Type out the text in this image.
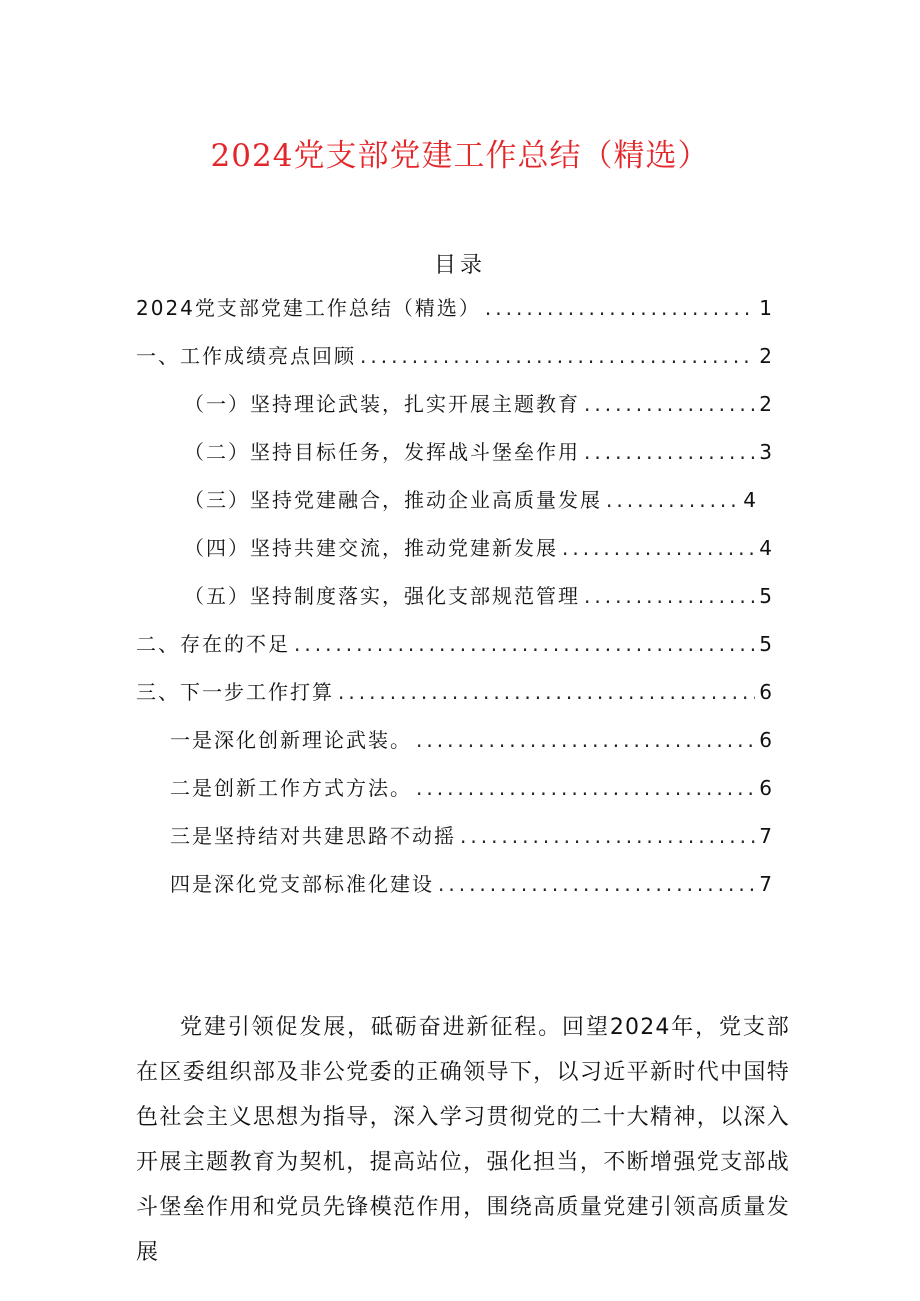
2024党支部党建工作总结（精选）
目录
2024党支部党建工作总结（精选） .....	1
一、工作成绩亮点回顾 .....	2
（一）坚持理论武装，扎实开展主题教育 .....	2
（二）坚持目标任务，发挥战斗堡垒作用 .....	3
（三）坚持党建融合，推动企业高质量发展 .....	4
（四）坚持共建交流，推动党建新发展 .....	4
（五）坚持制度落实，强化支部规范管理 .....	5
二、存在的不足 .....	5
三、下一步工作打算 .....	6
一是深化创新理论武装。 .....	6
二是创新工作方式方法。 .....	6
三是坚持结对共建思路不动摇 .....	7
四是深化党支部标准化建设 .....	7
党建引领促发展，砥砺奋进新征程。回望2024年，党支部在区委组织部及非公党委的正确领导下，以习近平新时代中国特色社会主义思想为指导，深入学习贯彻党的二十大精神，以深入开展主题教育为契机，提高站位，强化担当，不断增强党支部战斗堡垒作用和党员先锋模范作用，围绕高质量党建引领高质量发展
